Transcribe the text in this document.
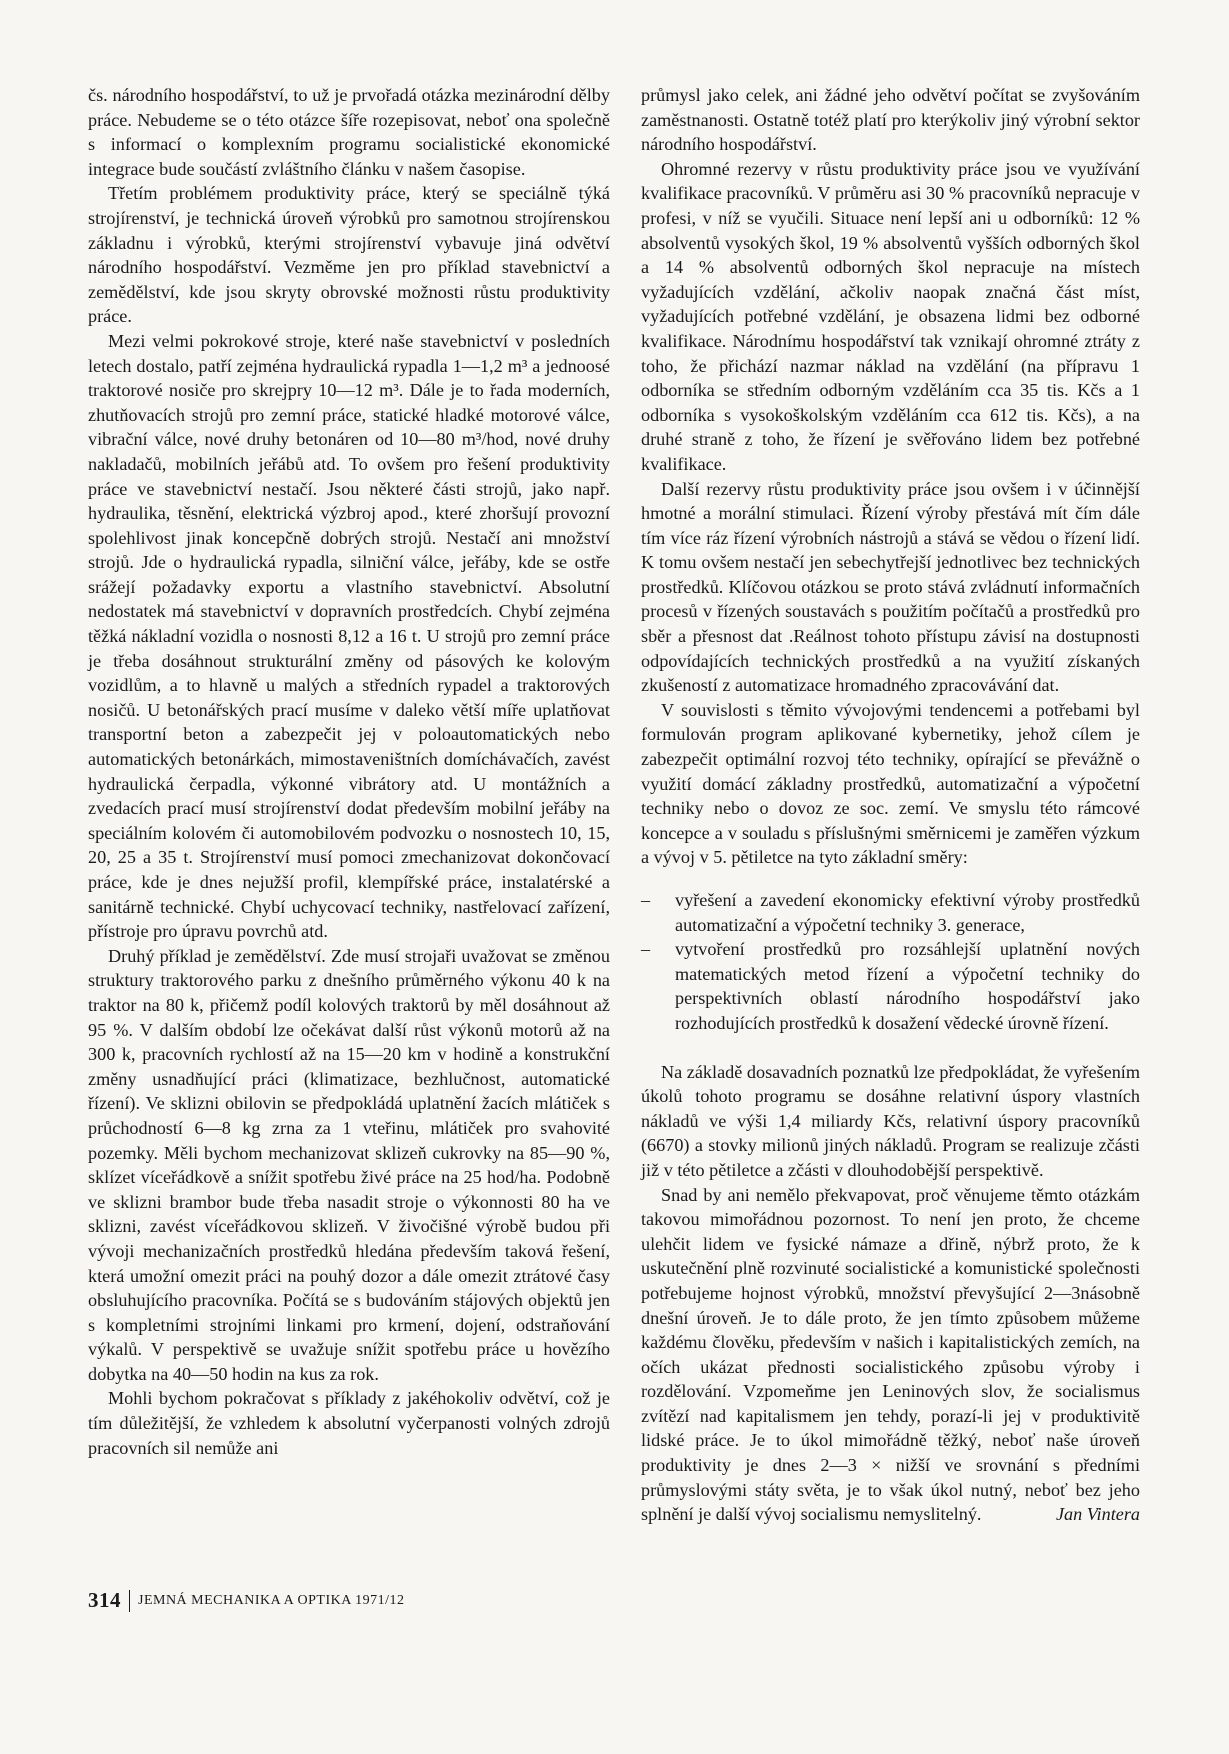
čs. národního hospodářství, to už je prvořadá otázka mezinárodní dělby práce. Nebudeme se o této otázce šíře rozepisovat, neboť ona společně s informací o komplexním programu socialistické ekonomické integrace bude součástí zvláštního článku v našem časopise.

Třetím problémem produktivity práce, který se speciálně týká strojírenství, je technická úroveň výrobků pro samotnou strojírenskou základnu i výrobků, kterými strojírenství vybavuje jiná odvětví národního hospodářství. Vezměme jen pro příklad stavebnictví a zemědělství, kde jsou skryty obrovské možnosti růstu produktivity práce.

Mezi velmi pokrokové stroje, které naše stavebnictví v posledních letech dostalo, patří zejména hydraulická rypadla 1—1,2 m³ a jednoosé traktorové nosiče pro skrejpry 10—12 m³. Dále je to řada moderních, zhutňovacích strojů pro zemní práce, statické hladké motorové válce, vibrační válce, nové druhy betonáren od 10—80 m³/hod, nové druhy nakladačů, mobilních jeřábů atd. To ovšem pro řešení produktivity práce ve stavebnictví nestačí. Jsou některé části strojů, jako např. hydraulika, těsnění, elektrická výzbroj apod., které zhoršují provozní spolehlivost jinak koncepčně dobrých strojů. Nestačí ani množství strojů. Jde o hydraulická rypadla, silniční válce, jeřáby, kde se ostře srážejí požadavky exportu a vlastního stavebnictví. Absolutní nedostatek má stavebnictví v dopravních prostředcích. Chybí zejména těžká nákladní vozidla o nosnosti 8,12 a 16 t. U strojů pro zemní práce je třeba dosáhnout strukturální změny od pásových ke kolovým vozidlům, a to hlavně u malých a středních rypadel a traktorových nosičů. U betonářských prací musíme v daleko větší míře uplatňovat transportní beton a zabezpečit jej v poloautomatických nebo automatických betonárkách, mimostaveništních domíchávačích, zavést hydraulická čerpadla, výkonné vibrátory atd. U montážních a zvedacích prací musí strojírenství dodat především mobilní jeřáby na speciálním kolovém či automobilovém podvozku o nosnostech 10, 15, 20, 25 a 35 t. Strojírenství musí pomoci zmechanizovat dokončovací práce, kde je dnes nejužší profil, klempířské práce, instalatérské a sanitárně technické. Chybí uchycovací techniky, nastřelovací zařízení, přístroje pro úpravu povrchů atd.

Druhý příklad je zemědělství. Zde musí strojaři uvažovat se změnou struktury traktorového parku z dnešního průměrného výkonu 40 k na traktor na 80 k, přičemž podíl kolových traktorů by měl dosáhnout až 95 %. V dalším období lze očekávat další růst výkonů motorů až na 300 k, pracovních rychlostí až na 15—20 km v hodině a konstrukční změny usnadňující práci (klimatizace, bezhlučnost, automatické řízení). Ve sklizni obilovin se předpokládá uplatnění žacích mlátiček s průchodností 6—8 kg zrna za 1 vteřinu, mlátiček pro svahovité pozemky. Měli bychom mechanizovat sklizeň cukrovky na 85—90 %, sklízet víceřádkově a snížit spotřebu živé práce na 25 hod/ha. Podobně ve sklizni brambor bude třeba nasadit stroje o výkonnosti 80 ha ve sklizni, zavést víceřádkovou sklizeň. V živočišné výrobě budou při vývoji mechanizačních prostředků hledána především taková řešení, která umožní omezit práci na pouhý dozor a dále omezit ztrátové časy obsluhujícího pracovníka. Počítá se s budováním stájových objektů jen s kompletními strojními linkami pro krmení, dojení, odstraňování výkalů. V perspektivě se uvažuje snížit spotřebu práce u hovězího dobytka na 40—50 hodin na kus za rok.

Mohli bychom pokračovat s příklady z jakéhokoliv odvětví, což je tím důležitější, že vzhledem k absolutní vyčerpanosti volných zdrojů pracovních sil nemůže ani

průmysl jako celek, ani žádné jeho odvětví počítat se zvyšováním zaměstnanosti. Ostatně totéž platí pro kterýkoliv jiný výrobní sektor národního hospodářství.

Ohromné rezervy v růstu produktivity práce jsou ve využívání kvalifikace pracovníků. V průměru asi 30 % pracovníků nepracuje v profesi, v níž se vyučili. Situace není lepší ani u odborníků: 12 % absolventů vysokých škol, 19 % absolventů vyšších odborných škol a 14 % absolventů odborných škol nepracuje na místech vyžadujících vzdělání, ačkoliv naopak značná část míst, vyžadujících potřebné vzdělání, je obsazena lidmi bez odborné kvalifikace. Národnímu hospodářství tak vznikají ohromné ztráty z toho, že přichází nazmar náklad na vzdělání (na přípravu 1 odborníka se středním odborným vzděláním cca 35 tis. Kčs a 1 odborníka s vysokoškolským vzděláním cca 612 tis. Kčs), a na druhé straně z toho, že řízení je svěřováno lidem bez potřebné kvalifikace.

Další rezervy růstu produktivity práce jsou ovšem i v účinnější hmotné a morální stimulaci. Řízení výroby přestává mít čím dále tím více ráz řízení výrobních nástrojů a stává se vědou o řízení lidí. K tomu ovšem nestačí jen sebechytřejší jednotlivec bez technických prostředků. Klíčovou otázkou se proto stává zvládnutí informačních procesů v řízených soustavách s použitím počítačů a prostředků pro sběr a přesnost dat .Reálnost tohoto přístupu závisí na dostupnosti odpovídajících technických prostředků a na využití získaných zkušeností z automatizace hromadného zpracovávání dat.

V souvislosti s těmito vývojovými tendencemi a potřebami byl formulován program aplikované kybernetiky, jehož cílem je zabezpečit optimální rozvoj této techniky, opírající se převážně o využití domácí základny prostředků, automatizační a výpočetní techniky nebo o dovoz ze soc. zemí. Ve smyslu této rámcové koncepce a v souladu s příslušnými směrnicemi je zaměřen výzkum a vývoj v 5. pětiletce na tyto základní směry:

– vyřešení a zavedení ekonomicky efektivní výroby prostředků automatizační a výpočetní techniky 3. generace,
– vytvoření prostředků pro rozsáhlejší uplatnění nových matematických metod řízení a výpočetní techniky do perspektivních oblastí národního hospodářství jako rozhodujících prostředků k dosažení vědecké úrovně řízení.

Na základě dosavadních poznatků lze předpokládat, že vyřešením úkolů tohoto programu se dosáhne relativní úspory vlastních nákladů ve výši 1,4 miliardy Kčs, relativní úspory pracovníků (6670) a stovky milionů jiných nákladů. Program se realizuje zčásti již v této pětiletce a zčásti v dlouhodobější perspektivě.

Snad by ani nemělo překvapovat, proč věnujeme těmto otázkám takovou mimořádnou pozornost. To není jen proto, že chceme ulehčit lidem ve fysické námaze a dřině, nýbrž proto, že k uskutečnění plně rozvinuté socialistické a komunistické společnosti potřebujeme hojnost výrobků, množství převyšující 2—3násobně dnešní úroveň. Je to dále proto, že jen tímto způsobem můžeme každému člověku, především v našich i kapitalistických zemích, na očích ukázat přednosti socialistického způsobu výroby i rozdělování. Vzpomeňme jen Leninových slov, že socialismus zvítězí nad kapitalismem jen tehdy, porazí-li jej v produktivitě lidské práce. Je to úkol mimořádně těžký, neboť naše úroveň produktivity je dnes 2—3 × nižší ve srovnání s předními průmyslovými státy světa, je to však úkol nutný, neboť bez jeho splnění je další vývoj socialismu nemyslitelný.	Jan Vintera
314 JEMNÁ MECHANIKA A OPTIKA 1971/12
